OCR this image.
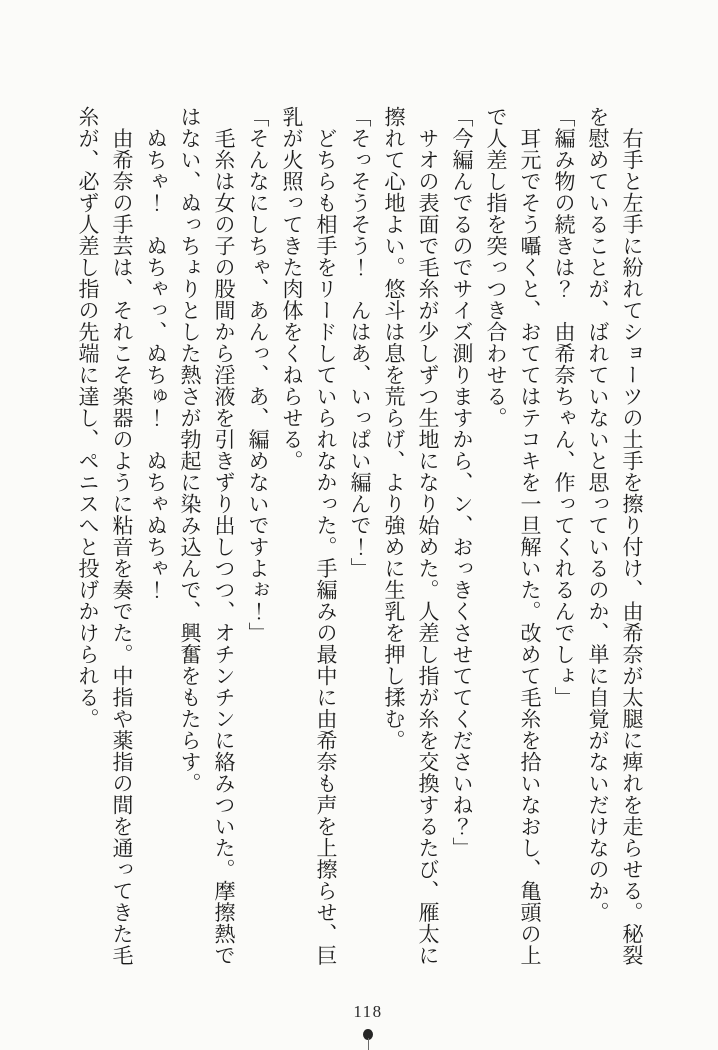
　右手と左手に紛れてショーツの土手を擦り付け、由希奈が太腿に痺れを走らせる。秘裂
を慰めていることが、ばれていないと思っているのか、単に自覚がないだけなのか。
「編み物の続きは？　由希奈ちゃん、作ってくれるんでしょ」
　耳元でそう囁くと、おててはテコキを一旦解いた。改めて毛糸を拾いなおし、亀頭の上
で人差し指を突っつき合わせる。
「今編んでるのでサイズ測りますから、ン、おっきくさせててくださいね？」
　サオの表面で毛糸が少しずつ生地になり始めた。人差し指が糸を交換するたび、雁太に
擦れて心地よい。悠斗は息を荒らげ、より強めに生乳を押し揉む。
「そっそうそう！　んはあ、いっぱい編んで！」
　どちらも相手をリードしていられなかった。手編みの最中に由希奈も声を上擦らせ、巨
乳が火照ってきた肉体をくねらせる。
「そんなにしちゃ、あんっ、あ、編めないですよぉ！」
　毛糸は女の子の股間から淫液を引きずり出しつつ、オチンチンに絡みついた。摩擦熱で
はない、ぬっちょりとした熱さが勃起に染み込んで、興奮をもたらす。
　ぬちゃ！　ぬちゃっ、ぬちゅ！　ぬちゃぬちゃ！
　由希奈の手芸は、それこそ楽器のように粘音を奏でた。中指や薬指の間を通ってきた毛
糸が、必ず人差し指の先端に達し、ペニスへと投げかけられる。
118
